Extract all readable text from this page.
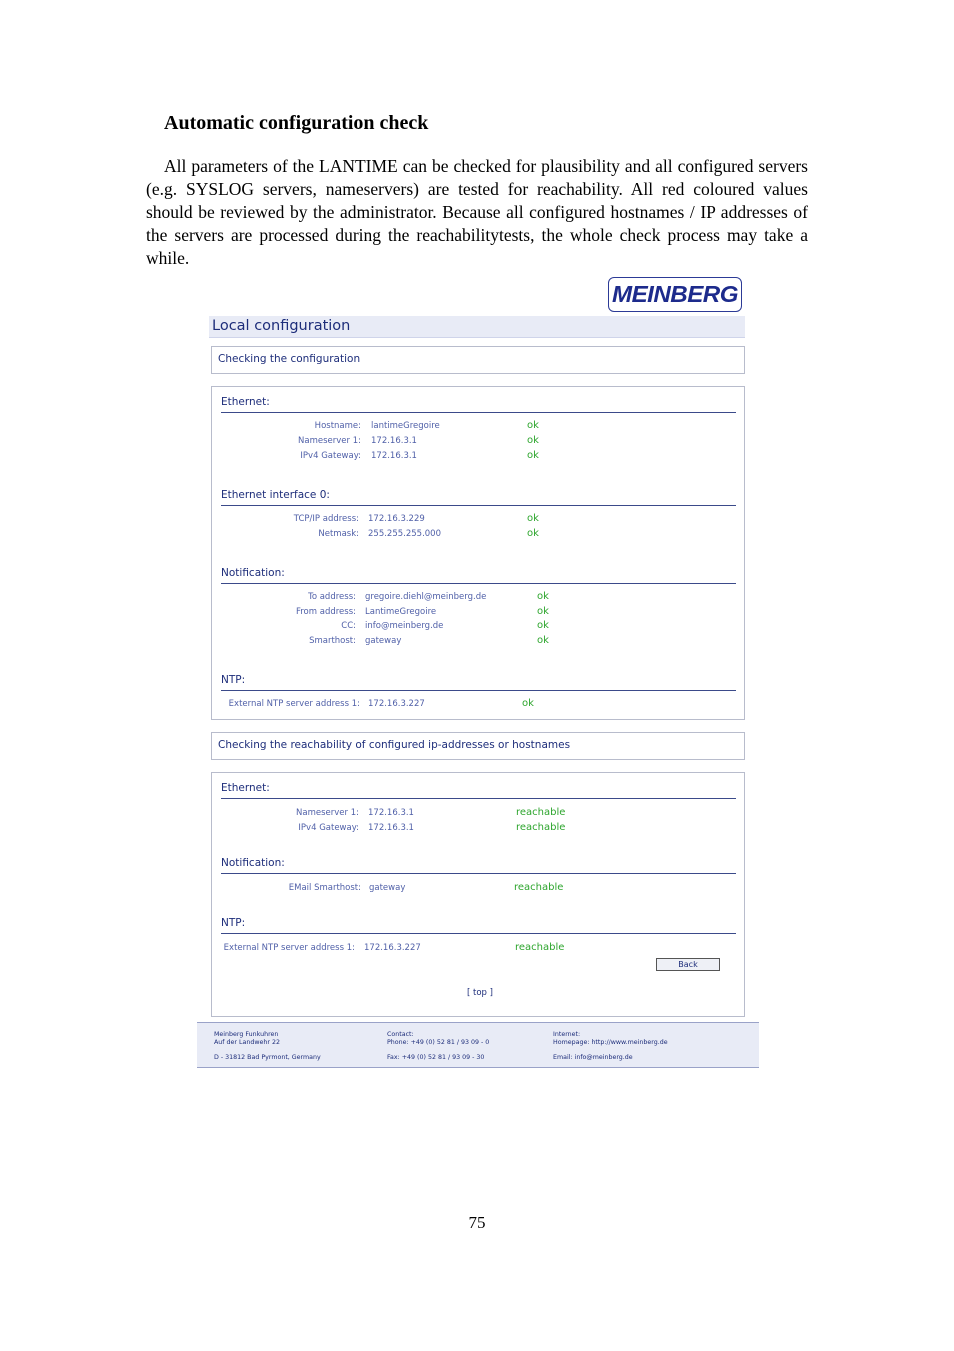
Automatic configuration check

All parameters of the LANTIME can be checked for plausibility and all configured servers (e.g. SYSLOG servers, nameservers) are tested for reachability. All red coloured values should be reviewed by the administrator. Because all configured hostnames / IP addresses of the servers are processed during the reachabilitytests, the whole check process may take a while.

MEINBERG
Local configuration
Checking the configuration
Ethernet:
Hostname: lantimeGregoire	ok
Nameserver 1: 172.16.3.1	ok
IPv4 Gateway: 172.16.3.1	ok
Ethernet interface 0:
TCP/IP address: 172.16.3.229	ok
Netmask: 255.255.255.000	ok
Notification:
To address: gregoire.diehl@meinberg.de	ok
From address: LantimeGregoire	ok
CC: info@meinberg.de	ok
Smarthost: gateway	ok
NTP:
External NTP server address 1: 172.16.3.227	ok
Checking the reachability of configured ip-addresses or hostnames
Ethernet:
Nameserver 1: 172.16.3.1	reachable
IPv4 Gateway: 172.16.3.1	reachable
Notification:
EMail Smarthost: gateway	reachable
NTP:
External NTP server address 1: 172.16.3.227	reachable
Back
[ top ]
Meinberg Funkuhren
Auf der Landwehr 22
D - 31812 Bad Pyrmont, Germany
Contact:
Phone: +49 (0) 52 81 / 93 09 - 0
Fax: +49 (0) 52 81 / 93 09 - 30
Internet:
Homepage: http://www.meinberg.de
Email: info@meinberg.de
75
